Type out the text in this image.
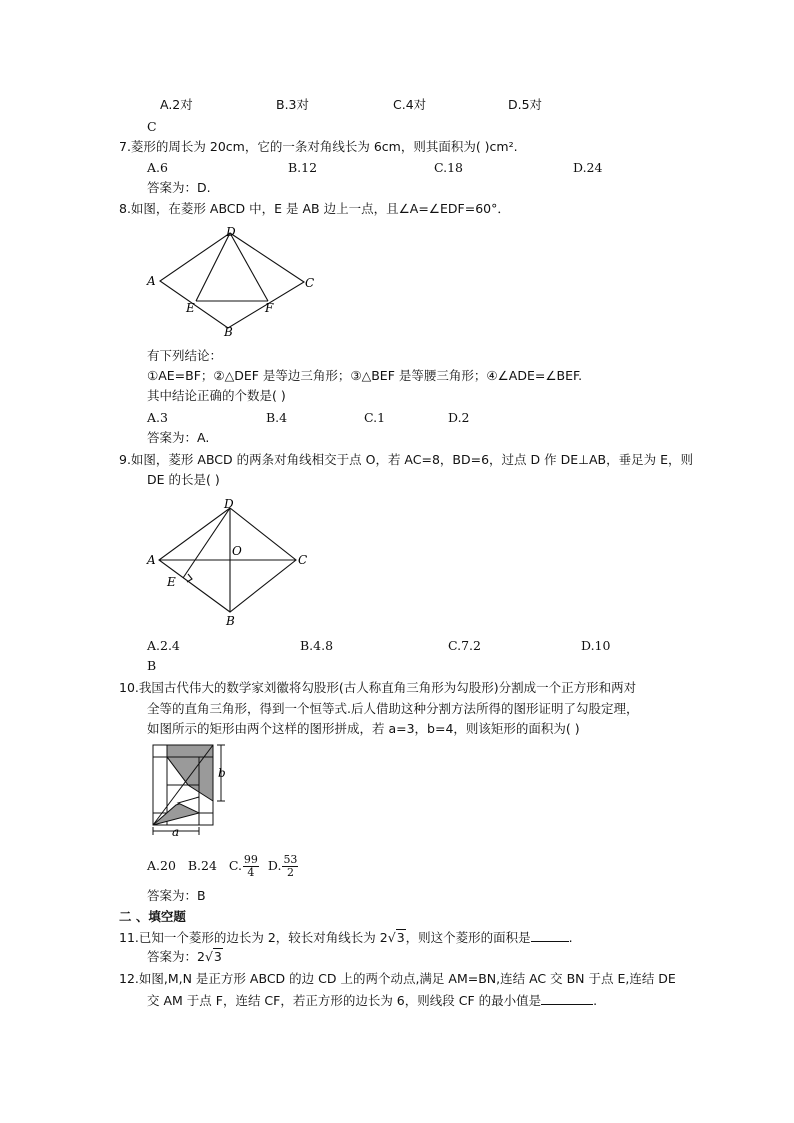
A.2对	B.3对	C.4对	D.5对
C
7.菱形的周长为 20cm，它的一条对角线长为 6cm，则其面积为( )cm².
A.6	B.12	C.18	D.24
答案为：D.
8.如图，在菱形 ABCD 中，E 是 AB 边上一点，且∠A=∠EDF=60°．
D
A	C
E	F
B
有下列结论：
①AE=BF；②△DEF 是等边三角形；③△BEF 是等腰三角形；④∠ADE=∠BEF.
其中结论正确的个数是( )
A.3	B.4	C.1	D.2
答案为：A.
9.如图，菱形 ABCD 的两条对角线相交于点 O，若 AC=8，BD=6，过点 D 作 DE⊥AB，垂足为 E，则
DE 的长是( )
D
O
A	C
E
B
A.2.4	B.4.8	C.7.2	D.10
B
10.我国古代伟大的数学家刘徽将勾股形(古人称直角三角形为勾股形)分割成一个正方形和两对
全等的直角三角形，得到一个恒等式.后人借助这种分割方法所得的图形证明了勾股定理，
如图所示的矩形由两个这样的图形拼成，若 a=3，b=4，则该矩形的面积为( )
b
a
A.20 B.24 C. $\frac{99}{4} D$. $\frac{53}{2}$
答案为：B
二 、填空题
11.已知一个菱形的边长为 2，较长对角线长为 2√3，则这个菱形的面积是	.
答案为：2√3
12.如图,M,N 是正方形 ABCD 的边 CD 上的两个动点,满足 AM=BN,连结 AC 交 BN 于点 E,连结 DE
交 AM 于点 F，连结 CF，若正方形的边长为 6，则线段 CF 的最小值是	.
